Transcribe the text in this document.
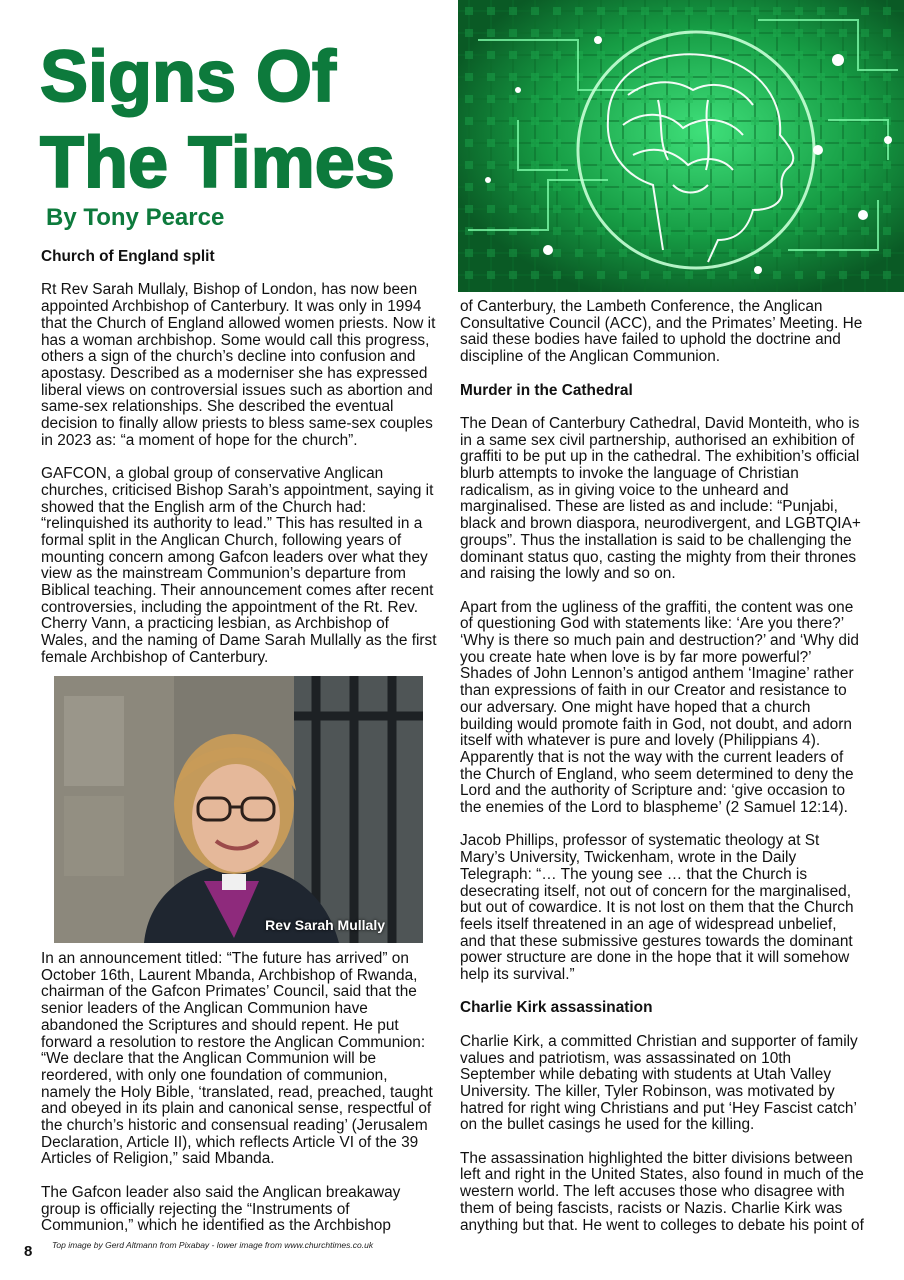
Signs Of
The Times
By Tony Pearce
Church of England split

Rt Rev Sarah Mullaly, Bishop of London, has now been appointed Archbishop of Canterbury. It was only in 1994 that the Church of England allowed women priests. Now it has a woman archbishop. Some would call this progress, others a sign of the church’s decline into confusion and apostasy. Described as a moderniser she has expressed liberal views on controversial issues such as abortion and same-sex relationships. She described the eventual decision to finally allow priests to bless same-sex couples in 2023 as: “a moment of hope for the church”.

GAFCON, a global group of conservative Anglican churches, criticised Bishop Sarah’s appointment, saying it showed that the English arm of the Church had: “relinquished its authority to lead.” This has resulted in a formal split in the Anglican Church, following years of mounting concern among Gafcon leaders over what they view as the mainstream Communion’s departure from Biblical teaching. Their announcement comes after recent controversies, including the appointment of the Rt. Rev. Cherry Vann, a practicing lesbian, as Archbishop of Wales, and the naming of Dame Sarah Mullally as the first female Archbishop of Canterbury.

Rev Sarah Mullaly

In an announcement titled: “The future has arrived” on October 16th, Laurent Mbanda, Archbishop of Rwanda, chairman of the Gafcon Primates’ Council, said that the senior leaders of the Anglican Communion have abandoned the Scriptures and should repent. He put forward a resolution to restore the Anglican Communion: “We declare that the Anglican Communion will be reordered, with only one foundation of communion, namely the Holy Bible, ‘translated, read, preached, taught and obeyed in its plain and canonical sense, respectful of the church’s historic and consensual reading’ (Jerusalem Declaration, Article II), which reflects Article VI of the 39 Articles of Religion,” said Mbanda.

The Gafcon leader also said the Anglican breakaway group is officially rejecting the “Instruments of Communion,” which he identified as the Archbishop

of Canterbury, the Lambeth Conference, the Anglican Consultative Council (ACC), and the Primates’ Meeting. He said these bodies have failed to uphold the doctrine and discipline of the Anglican Communion.

Murder in the Cathedral

The Dean of Canterbury Cathedral, David Monteith, who is in a same sex civil partnership, authorised an exhibition of graffiti to be put up in the cathedral. The exhibition’s official blurb attempts to invoke the language of Christian radicalism, as in giving voice to the unheard and marginalised. These are listed as and include: “Punjabi, black and brown diaspora, neurodivergent, and LGBTQIA+ groups”. Thus the installation is said to be challenging the dominant status quo, casting the mighty from their thrones and raising the lowly and so on.

Apart from the ugliness of the graffiti, the content was one of questioning God with statements like: ‘Are you there?’ ‘Why is there so much pain and destruction?’ and ‘Why did you create hate when love is by far more powerful?’ Shades of John Lennon’s antigod anthem ‘Imagine’ rather than expressions of faith in our Creator and resistance to our adversary. One might have hoped that a church building would promote faith in God, not doubt, and adorn itself with whatever is pure and lovely (Philippians 4). Apparently that is not the way with the current leaders of the Church of England, who seem determined to deny the Lord and the authority of Scripture and: ‘give occasion to the enemies of the Lord to blaspheme’ (2 Samuel 12:14).

Jacob Phillips, professor of systematic theology at St Mary’s University, Twickenham, wrote in the Daily Telegraph: “… The young see … that the Church is desecrating itself, not out of concern for the marginalised, but out of cowardice. It is not lost on them that the Church feels itself threatened in an age of widespread unbelief, and that these submissive gestures towards the dominant power structure are done in the hope that it will somehow help its survival.”

Charlie Kirk assassination

Charlie Kirk, a committed Christian and supporter of family values and patriotism, was assassinated on 10th September while debating with students at Utah Valley University. The killer, Tyler Robinson, was motivated by hatred for right wing Christians and put ‘Hey Fascist catch’ on the bullet casings he used for the killing.

The assassination highlighted the bitter divisions between left and right in the United States, also found in much of the western world. The left accuses those who disagree with them of being fascists, racists or Nazis. Charlie Kirk was anything but that. He went to colleges to debate his point of

8 Top image by Gerd Altmann from Pixabay - lower image from www.churchtimes.co.uk
